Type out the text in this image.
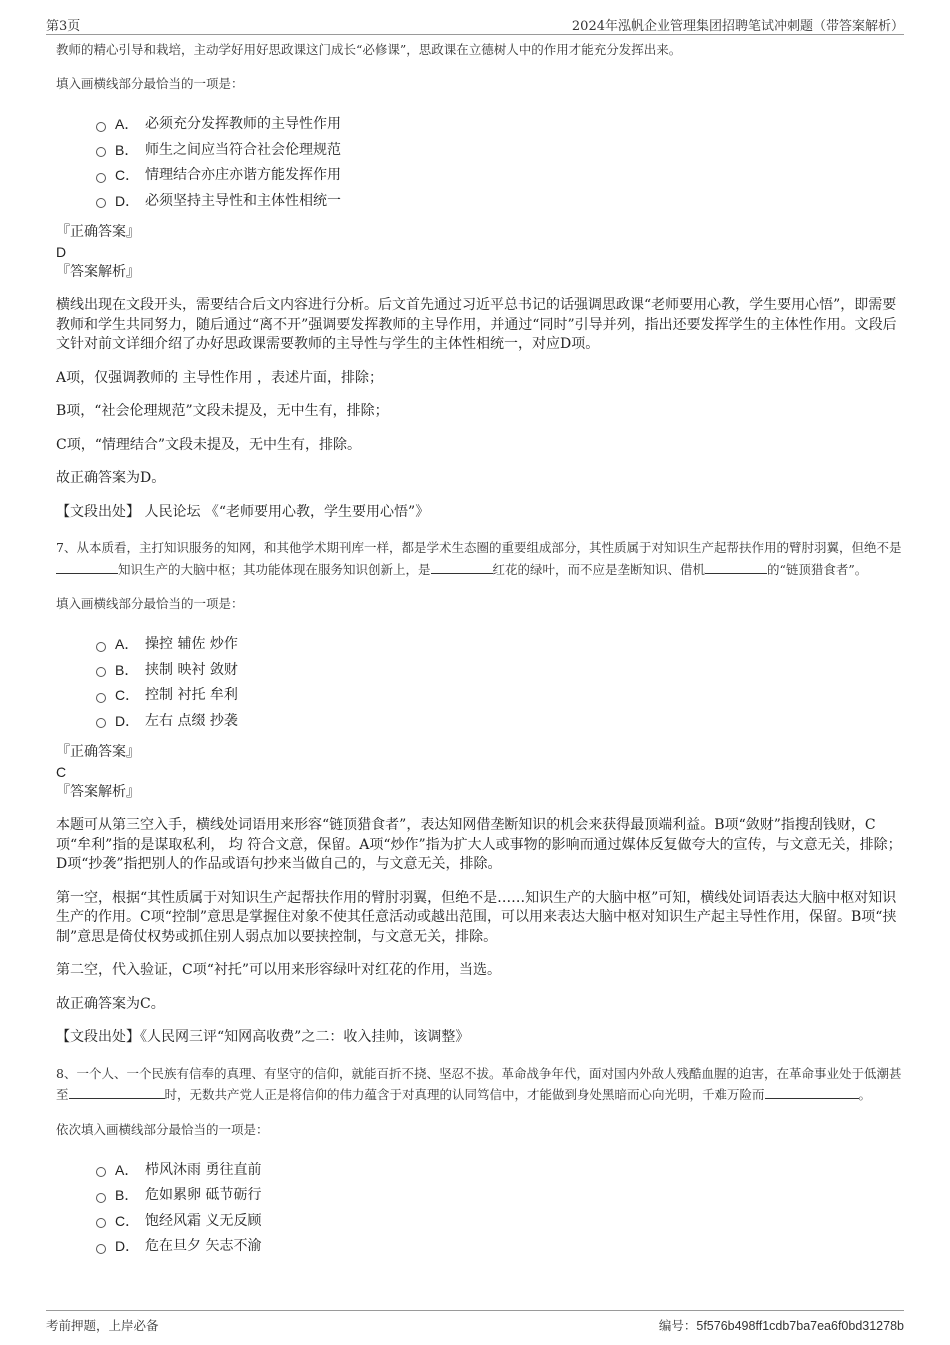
第3页	2024年泓帆企业管理集团招聘笔试冲刺题（带答案解析）
教师的精心引导和栽培，主动学好用好思政课这门成长“必修课”，思政课在立德树人中的作用才能充分发挥出来。
填入画横线部分最恰当的一项是：
A． 必须充分发挥教师的主导性作用
B． 师生之间应当符合社会伦理规范
C． 情理结合亦庄亦谐方能发挥作用
D． 必须坚持主导性和主体性相统一
『正确答案』
D
『答案解析』
横线出现在文段开头，需要结合后文内容进行分析。后文首先通过习近平总书记的话强调思政课“老师要用心教，学生要用心悟”，即需要教师和学生共同努力，随后通过“离不开”强调要发挥教师的主导作用，并通过“同时”引导并列，指出还要发挥学生的主体性作用。文段后文针对前文详细介绍了办好思政课需要教师的主导性与学生的主体性相统一，对应D项。
A项，仅强调教师的 主导性作用 ，表述片面，排除；
B项，“社会伦理规范”文段未提及，无中生有，排除；
C项，“情理结合”文段未提及，无中生有，排除。
故正确答案为D。
【文段出处】 人民论坛 《“老师要用心教，学生要用心悟”》
7、从本质看，主打知识服务的知网，和其他学术期刊库一样，都是学术生态圈的重要组成部分，其性质属于对知识生产起帮扶作用的臂肘羽翼，但绝不是知识生产的大脑中枢；其功能体现在服务知识创新上，是	红花的绿叶，而不应是垄断知识、借机	的“链顶猎食者”。
填入画横线部分最恰当的一项是：
A． 操控 辅佐 炒作
B． 挟制 映衬 敛财
C． 控制 衬托 牟利
D． 左右 点缀 抄袭
『正确答案』
C
『答案解析』
本题可从第三空入手，横线处词语用来形容“链顶猎食者”，表达知网借垄断知识的机会来获得最顶端利益。B项“敛财”指搜刮钱财，C项“牟利”指的是谋取私利， 均 符合文意，保留。A项“炒作”指为扩大人或事物的影响而通过媒体反复做夸大的宣传，与文意无关，排除；D项“抄袭”指把别人的作品或语句抄来当做自己的，与文意无关，排除。
第一空，根据“其性质属于对知识生产起帮扶作用的臂肘羽翼，但绝不是……知识生产的大脑中枢”可知，横线处词语表达大脑中枢对知识生产的作用。C项“控制”意思是掌握住对象不使其任意活动或越出范围，可以用来表达大脑中枢对知识生产起主导性作用，保留。B项“挟制”意思是倚仗权势或抓住别人弱点加以要挟控制，与文意无关，排除。
第二空，代入验证，C项“衬托”可以用来形容绿叶对红花的作用，当选。
故正确答案为C。
【文段出处】《人民网三评“知网高收费”之二：收入挂帅，该调整》
8、一个人、一个民族有信奉的真理、有坚守的信仰，就能百折不挠、坚忍不拔。革命战争年代，面对国内外敌人残酷血腥的迫害，在革命事业处于低潮甚至	时，无数共产党人正是将信仰的伟力蕴含于对真理的认同笃信中，才能做到身处黑暗而心向光明，千难万险而	。
依次填入画横线部分最恰当的一项是：
A． 栉风沐雨 勇往直前
B． 危如累卵 砥节砺行
C． 饱经风霜 义无反顾
D． 危在旦夕 矢志不渝
考前押题，上岸必备	编号：5f576b498ff1cdb7ba7ea6f0bd31278b
